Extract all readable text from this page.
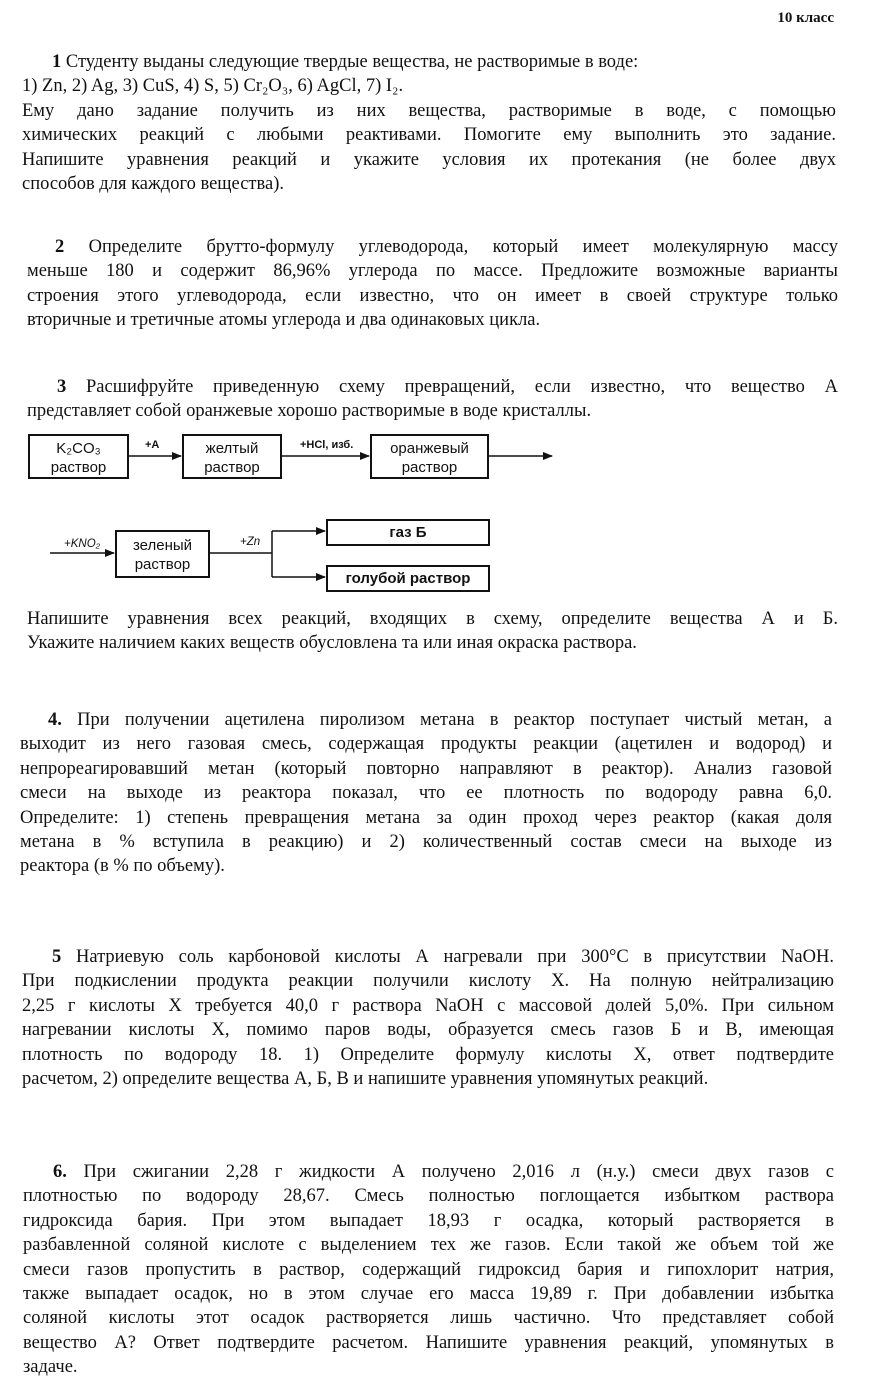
10 класс
1 Студенту выданы следующие твердые вещества, не растворимые в воде:
1) Zn, 2) Ag, 3) CuS, 4) S, 5) Cr₂O₃, 6) AgCl, 7) I₂.
Ему дано задание получить из них вещества, растворимые в воде, с помощью
химических реакций с любыми реактивами. Помогите ему выполнить это задание.
Напишите уравнения реакций и укажите условия их протекания (не более двух
способов для каждого вещества).
2 Определите брутто-формулу углеводорода, который имеет молекулярную массу
меньше 180 и содержит 86,96% углерода по массе. Предложите возможные варианты
строения этого углеводорода, если известно, что он имеет в своей структуре только
вторичные и третичные атомы углерода и два одинаковых цикла.
3 Расшифруйте приведенную схему превращений, если известно, что вещество А
представляет собой оранжевые хорошо растворимые в воде кристаллы.
K₂CO₃
раствор
+A	желтый
раствор
+HCl, изб.	оранжевый
раствор
+KNO₂	зеленый
раствор
+Zn
газ Б
голубой раствор
Напишите уравнения всех реакций, входящих в схему, определите вещества А и Б.
Укажите наличием каких веществ обусловлена та или иная окраска раствора.
4. При получении ацетилена пиролизом метана в реактор поступает чистый метан, а
выходит из него газовая смесь, содержащая продукты реакции (ацетилен и водород) и
непрореагировавший метан (который повторно направляют в реактор). Анализ газовой
смеси на выходе из реактора показал, что ее плотность по водороду равна 6,0.
Определите: 1) степень превращения метана за один проход через реактор (какая доля
метана в % вступила в реакцию) и 2) количественный состав смеси на выходе из
реактора (в % по объему).
5 Натриевую соль карбоновой кислоты А нагревали при 300°С в присутствии NaOH.
При подкислении продукта реакции получили кислоту Х. На полную нейтрализацию
2,25 г кислоты Х требуется 40,0 г раствора NaOH с массовой долей 5,0%. При сильном
нагревании кислоты Х, помимо паров воды, образуется смесь газов Б и В, имеющая
плотность по водороду 18. 1) Определите формулу кислоты Х, ответ подтвердите
расчетом, 2) определите вещества А, Б, В и напишите уравнения упомянутых реакций.
6. При сжигании 2,28 г жидкости А получено 2,016 л (н.у.) смеси двух газов с
плотностью по водороду 28,67. Смесь полностью поглощается избытком раствора
гидроксида бария. При этом выпадает 18,93 г осадка, который растворяется в
разбавленной соляной кислоте с выделением тех же газов. Если такой же объем той же
смеси газов пропустить в раствор, содержащий гидроксид бария и гипохлорит натрия,
также выпадает осадок, но в этом случае его масса 19,89 г. При добавлении избытка
соляной кислоты этот осадок растворяется лишь частично. Что представляет собой
вещество А? Ответ подтвердите расчетом. Напишите уравнения реакций, упомянутых в
задаче.
